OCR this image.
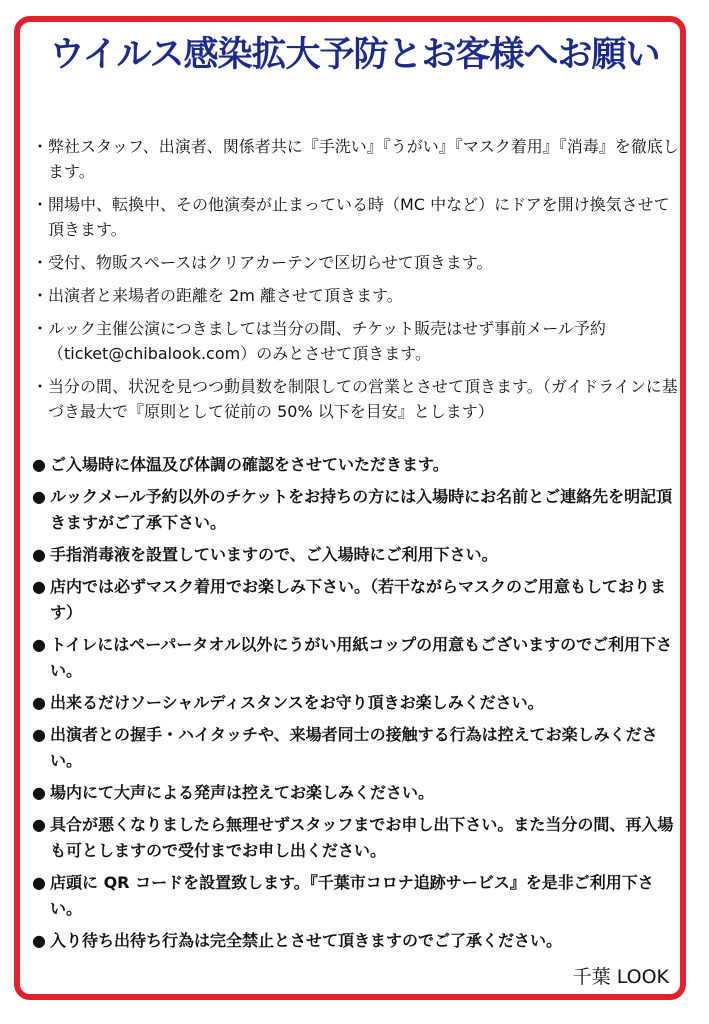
ウイルス感染拡大予防とお客様へお願い
・ 弊社スタッフ、出演者、関係者共に『手洗い』『うがい』『マスク着用』『消毒』を徹底します。
・ 開場中、転換中、その他演奏が止まっている時（MC 中など）にドアを開け換気させて頂きます。
・ 受付、物販スペースはクリアカーテンで区切らせて頂きます。
・ 出演者と来場者の距離を 2m 離させて頂きます。
・ ルック主催公演につきましては当分の間、チケット販売はせず事前メール予約（ticket@chibalook.com）のみとさせて頂きます。
・ 当分の間、状況を見つつ動員数を制限しての営業とさせて頂きます。（ガイドラインに基づき最大で『原則として従前の 50% 以下を目安』とします）
● ご入場時に体温及び体調の確認をさせていただきます。
● ルックメール予約以外のチケットをお持ちの方には入場時にお名前とご連絡先を明記頂きますがご了承下さい。
● 手指消毒液を設置していますので、ご入場時にご利用下さい。
● 店内では必ずマスク着用でお楽しみ下さい。（若干ながらマスクのご用意もしております）
● トイレにはペーパータオル以外にうがい用紙コップの用意もございますのでご利用下さい。
● 出来るだけソーシャルディスタンスをお守り頂きお楽しみください。
● 出演者との握手・ハイタッチや、来場者同士の接触する行為は控えてお楽しみください。
● 場内にて大声による発声は控えてお楽しみください。
● 具合が悪くなりましたら無理せずスタッフまでお申し出下さい。また当分の間、再入場も可としますので受付までお申し出ください。
● 店頭に QR コードを設置致します。『千葉市コロナ追跡サービス』を是非ご利用下さい。
● 入り待ち出待ち行為は完全禁止とさせて頂きますのでご了承ください。
千葉 LOOK
